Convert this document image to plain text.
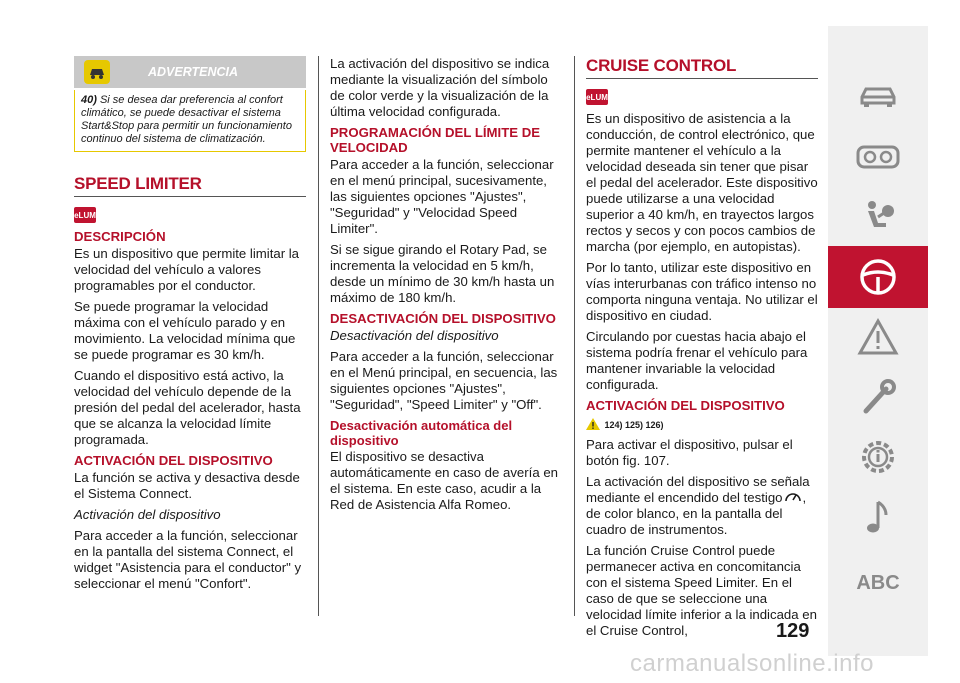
ADVERTENCIA

40) Si se desea dar preferencia al confort climático, se puede desactivar el sistema Start&Stop para permitir un funcionamiento continuo del sistema de climatización.

SPEED LIMITER
eLUM
DESCRIPCIÓN

Es un dispositivo que permite limitar la velocidad del vehículo a valores programables por el conductor.

Se puede programar la velocidad máxima con el vehículo parado y en movimiento. La velocidad mínima que se puede programar es 30 km/h.

Cuando el dispositivo está activo, la velocidad del vehículo depende de la presión del pedal del acelerador, hasta que se alcanza la velocidad límite programada.

ACTIVACIÓN DEL DISPOSITIVO

La función se activa y desactiva desde el Sistema Connect.

Activación del dispositivo

Para acceder a la función, seleccionar en la pantalla del sistema Connect, el widget "Asistencia para el conductor" y seleccionar el menú "Confort".

La activación del dispositivo se indica mediante la visualización del símbolo de color verde y la visualización de la última velocidad configurada.

PROGRAMACIÓN DEL LÍMITE DE VELOCIDAD

Para acceder a la función, seleccionar en el menú principal, sucesivamente, las siguientes opciones "Ajustes", "Seguridad" y "Velocidad Speed Limiter".

Si se sigue girando el Rotary Pad, se incrementa la velocidad en 5 km/h, desde un mínimo de 30 km/h hasta un máximo de 180 km/h.

DESACTIVACIÓN DEL DISPOSITIVO

Desactivación del dispositivo

Para acceder a la función, seleccionar en el Menú principal, en secuencia, las siguientes opciones "Ajustes", "Seguridad", "Speed Limiter" y "Off".

Desactivación automática del dispositivo

El dispositivo se desactiva automáticamente en caso de avería en el sistema. En este caso, acudir a la Red de Asistencia Alfa Romeo.

CRUISE CONTROL
eLUM

Es un dispositivo de asistencia a la conducción, de control electrónico, que permite mantener el vehículo a la velocidad deseada sin tener que pisar el pedal del acelerador. Este dispositivo puede utilizarse a una velocidad superior a 40 km/h, en trayectos largos rectos y secos y con pocos cambios de marcha (por ejemplo, en autopistas).

Por lo tanto, utilizar este dispositivo en vías interurbanas con tráfico intenso no comporta ninguna ventaja. No utilizar el dispositivo en ciudad.

Circulando por cuestas hacia abajo el sistema podría frenar el vehículo para mantener invariable la velocidad configurada.

ACTIVACIÓN DEL DISPOSITIVO
124) 125) 126)

Para activar el dispositivo, pulsar el botón fig. 107.

La activación del dispositivo se señala mediante el encendido del testigo , de color blanco, en la pantalla del cuadro de instrumentos.

La función Cruise Control puede permanecer activa en concomitancia con el sistema Speed Limiter. En el caso de que se seleccione una velocidad límite inferior a la indicada en el Cruise Control,	129
ABC
carmanualsonline.info
